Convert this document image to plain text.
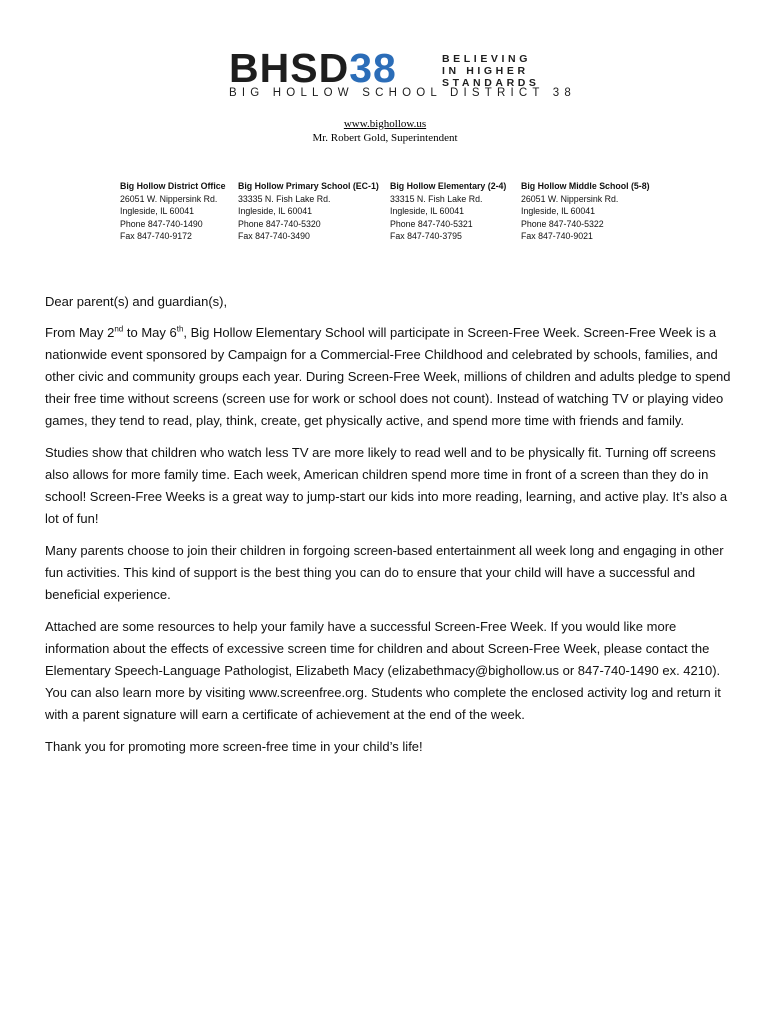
BHSD 38	BELIEVING
IN HIGHER
STANDARDS
BIG HOLLOW SCHOOL DISTRICT 38
www.bighollow.us
Mr. Robert Gold, Superintendent
Big Hollow District Office
26051 W. Nippersink Rd.
Ingleside, IL 60041
Phone 847-740-1490
Fax 847-740-9172
Big Hollow Primary School (EC-1)
33335 N. Fish Lake Rd.
Ingleside, IL 60041
Phone 847-740-5320
Fax 847-740-3490
Big Hollow Elementary (2-4)
33315 N. Fish Lake Rd.
Ingleside, IL 60041
Phone 847-740-5321
Fax 847-740-3795
Big Hollow Middle School (5-8)
26051 W. Nippersink Rd.
Ingleside, IL 60041
Phone 847-740-5322
Fax 847-740-9021

Dear parent(s) and guardian(s),

From May 2nd to May 6th, Big Hollow Elementary School will participate in Screen-Free Week. Screen-Free Week is a nationwide event sponsored by Campaign for a Commercial-Free Childhood and celebrated by schools, families, and other civic and community groups each year. During Screen-Free Week, millions of children and adults pledge to spend their free time without screens (screen use for work or school does not count). Instead of watching TV or playing video games, they tend to read, play, think, create, get physically active, and spend more time with friends and family.

Studies show that children who watch less TV are more likely to read well and to be physically fit. Turning off screens also allows for more family time. Each week, American children spend more time in front of a screen than they do in school! Screen-Free Weeks is a great way to jump-start our kids into more reading, learning, and active play. It’s also a lot of fun!

Many parents choose to join their children in forgoing screen-based entertainment all week long and engaging in other fun activities. This kind of support is the best thing you can do to ensure that your child will have a successful and beneficial experience.

Attached are some resources to help your family have a successful Screen-Free Week. If you would like more information about the effects of excessive screen time for children and about Screen-Free Week, please contact the Elementary Speech-Language Pathologist, Elizabeth Macy (elizabethmacy@bighollow.us or 847-740-1490 ex. 4210). You can also learn more by visiting www.screenfree.org. Students who complete the enclosed activity log and return it with a parent signature will earn a certificate of achievement at the end of the week.

Thank you for promoting more screen-free time in your child’s life!
